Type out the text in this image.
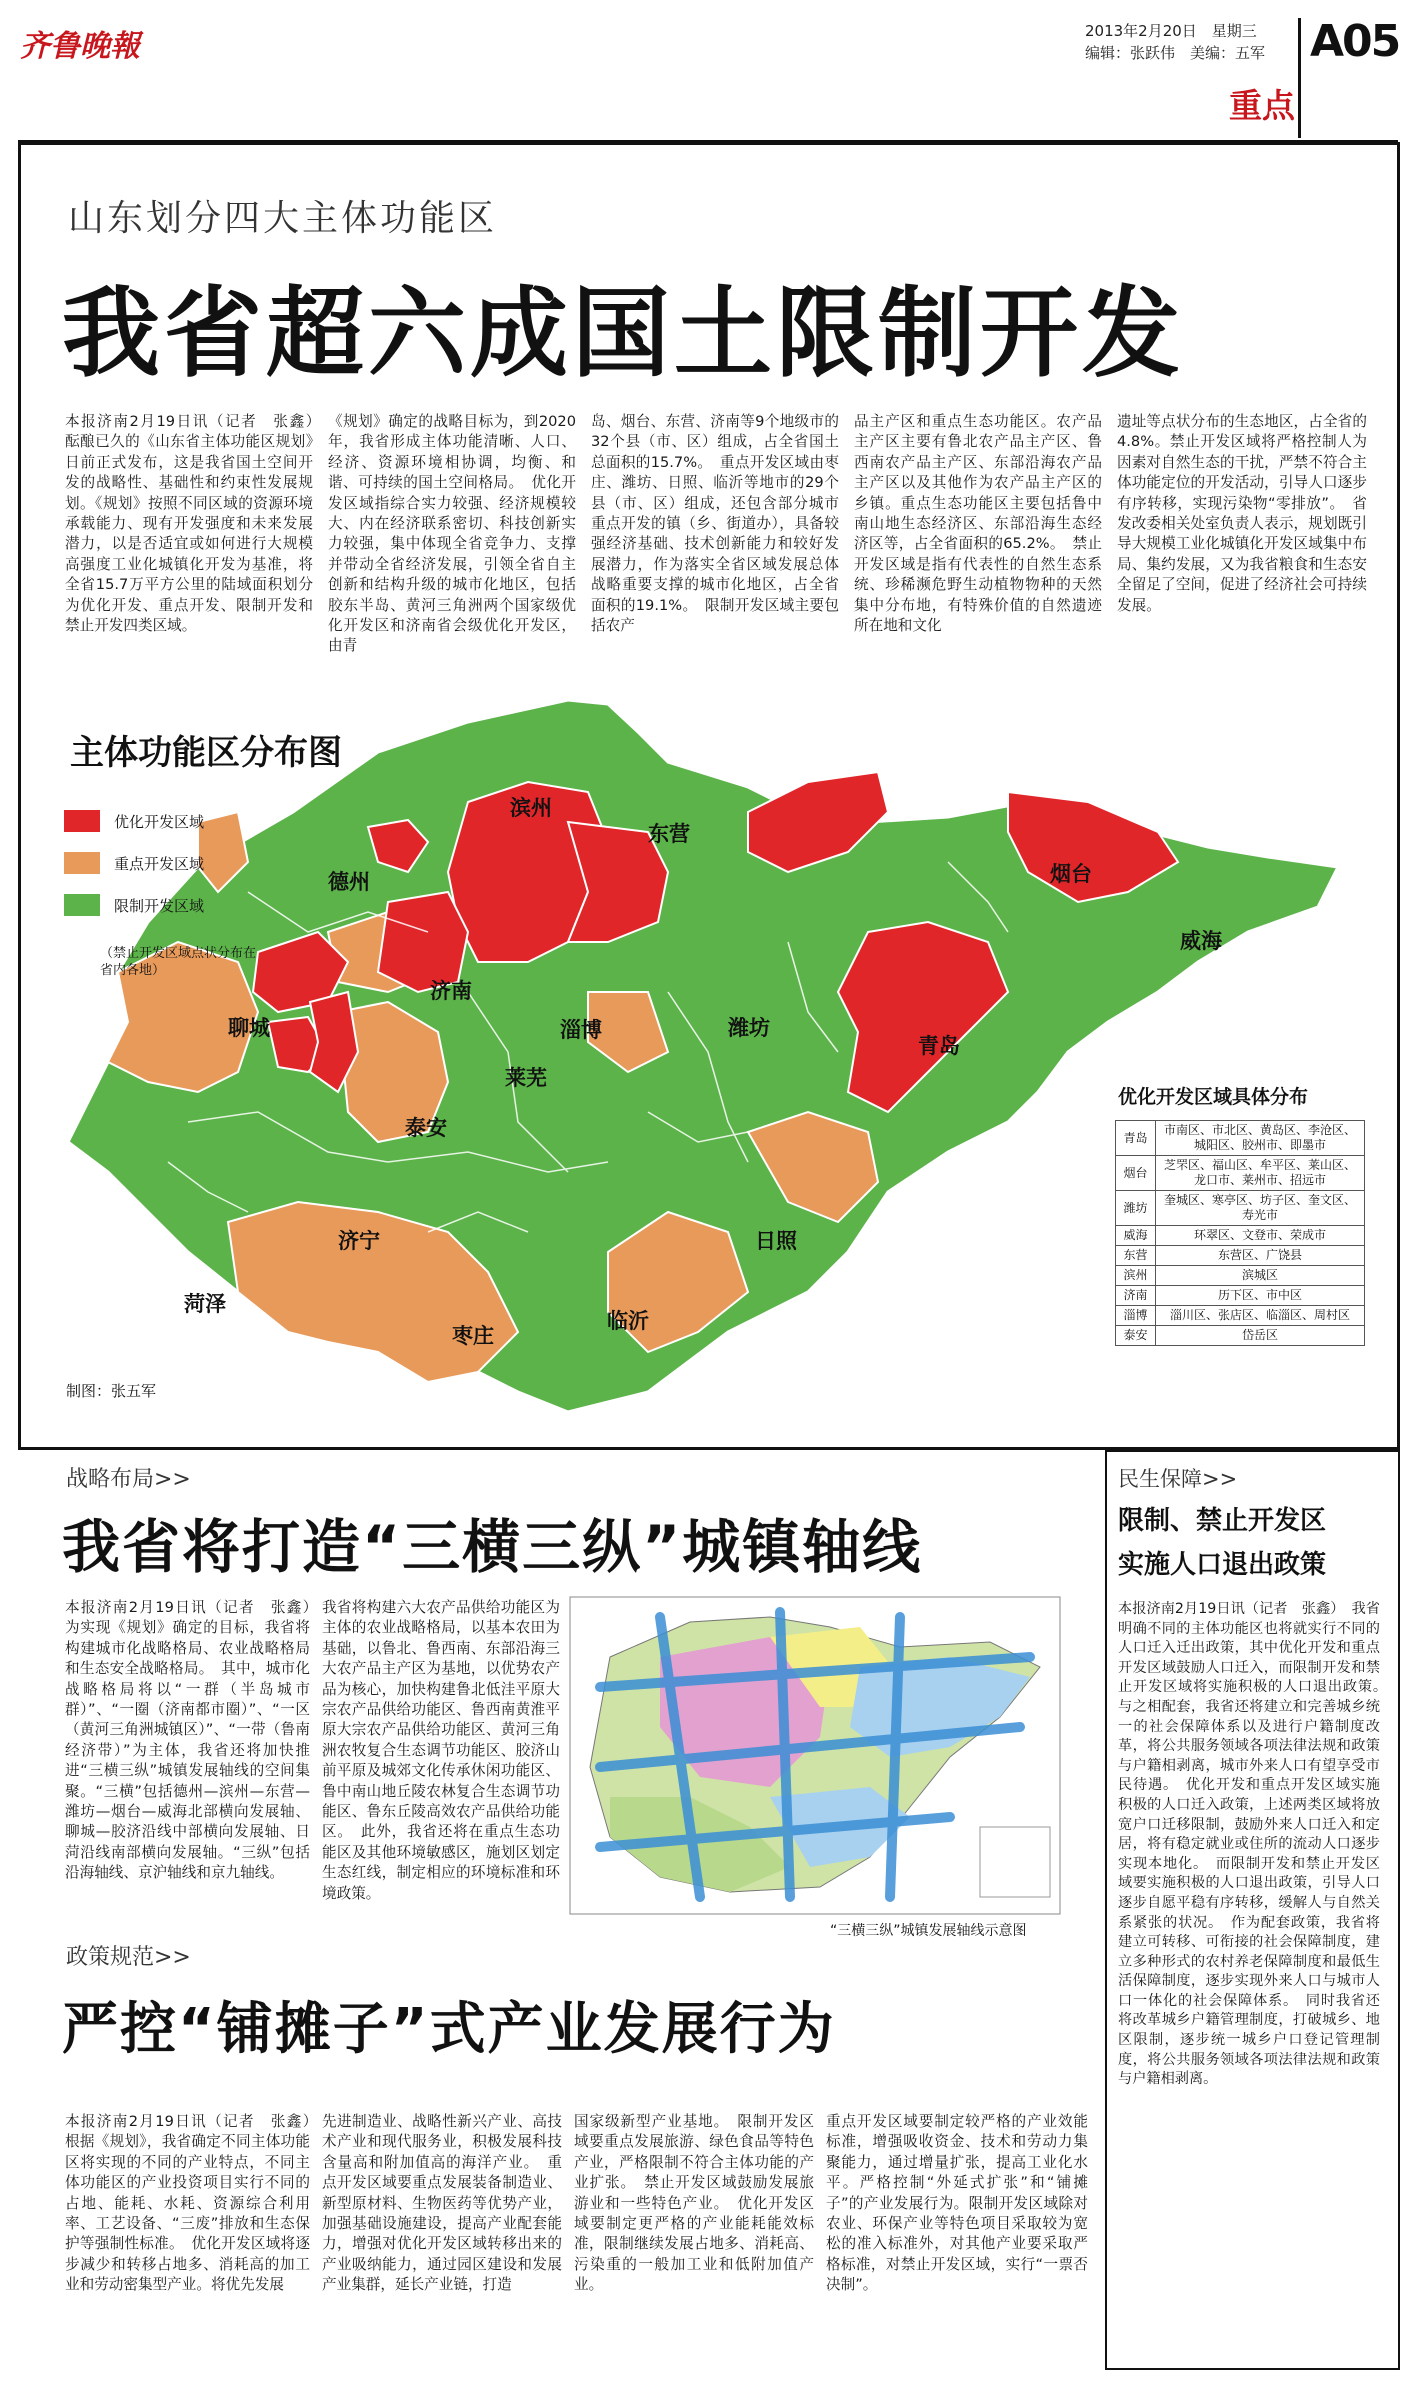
齐鲁晚報	2013年2月20日　星期三
编辑：张跃伟　美编：五军	A05
重点
山东划分四大主体功能区
我省超六成国土限制开发
本报济南2月19日讯（记者　张鑫）　酝酿已久的《山东省主体功能区规划》日前正式发布，这是我省国土空间开发的战略性、基础性和约束性发展规划。《规划》按照不同区域的资源环境承载能力、现有开发强度和未来发展潜力，以是否适宜或如何进行大规模高强度工业化城镇化开发为基准，将全省15.7万平方公里的陆域面积划分为优化开发、重点开发、限制开发和禁止开发四类区域。
《规划》确定的战略目标为，到2020年，我省形成主体功能清晰、人口、经济、资源环境相协调，均衡、和谐、可持续的国土空间格局。　优化开发区域指综合实力较强、经济规模较大、内在经济联系密切、科技创新实力较强，集中体现全省竞争力、支撑并带动全省经济发展，引领全省自主创新和结构升级的城市化地区，包括胶东半岛、黄河三角洲两个国家级优化开发区和济南省会级优化开发区，由青
岛、烟台、东营、济南等9个地级市的32个县（市、区）组成，占全省国土总面积的15.7%。　重点开发区域由枣庄、潍坊、日照、临沂等地市的29个县（市、区）组成，还包含部分城市重点开发的镇（乡、街道办），具备较强经济基础、技术创新能力和较好发展潜力，作为落实全省区域发展总体战略重要支撑的城市化地区，占全省面积的19.1%。　限制开发区域主要包括农产
品主产区和重点生态功能区。农产品主产区主要有鲁北农产品主产区、鲁西南农产品主产区、东部沿海农产品主产区以及其他作为农产品主产区的乡镇。重点生态功能区主要包括鲁中南山地生态经济区、东部沿海生态经济区等，占全省面积的65.2%。　禁止开发区域是指有代表性的自然生态系统、珍稀濒危野生动植物物种的天然集中分布地，有特殊价值的自然遗迹所在地和文化
遗址等点状分布的生态地区，占全省的4.8%。禁止开发区域将严格控制人为因素对自然生态的干扰，严禁不符合主体功能定位的开发活动，引导人口逐步有序转移，实现污染物“零排放”。　省发改委相关处室负责人表示，规划既引导大规模工业化城镇化开发区域集中布局、集约发展，又为我省粮食和生态安全留足了空间，促进了经济社会可持续发展。
主体功能区分布图
优化开发区域
重点开发区域
限制开发区域
（禁止开发区域点状分布在省内各地）
制图：张五军
滨州
东营
德州	烟台
威海
济南
聊城	淄博	潍坊
青岛
莱芜
泰安
济宁	日照
菏泽
枣庄
临沂
优化开发区域具体分布
青岛	市南区、市北区、黄岛区、李沧区、城阳区、胶州市、即墨市
烟台	芝罘区、福山区、牟平区、莱山区、龙口市、莱州市、招远市
潍坊	奎城区、寒亭区、坊子区、奎文区、寿光市
威海	环翠区、文登市、荣成市
东营	东营区、广饶县
滨州	滨城区
济南	历下区、市中区
淄博	淄川区、张店区、临淄区、周村区
泰安	岱岳区
战略布局>>
我省将打造“三横三纵”城镇轴线
本报济南2月19日讯（记者　张鑫）　为实现《规划》确定的目标，我省将构建城市化战略格局、农业战略格局和生态安全战略格局。　其中，城市化战略格局将以“一群（半岛城市群）”、“一圈（济南都市圈）”、“一区（黄河三角洲城镇区）”、“一带（鲁南经济带）”为主体，我省还将加快推进“三横三纵”城镇发展轴线的空间集聚。“三横”包括德州—滨州—东营—潍坊—烟台—威海北部横向发展轴、聊城—胶济沿线中部横向发展轴、日菏沿线南部横向发展轴。“三纵”包括沿海轴线、京沪轴线和京九轴线。
我省将构建六大农产品供给功能区为主体的农业战略格局，以基本农田为基础，以鲁北、鲁西南、东部沿海三大农产品主产区为基地，以优势农产品为核心，加快构建鲁北低洼平原大宗农产品供给功能区、鲁西南黄淮平原大宗农产品供给功能区、黄河三角洲农牧复合生态调节功能区、胶济山前平原及城郊文化传承休闲功能区、鲁中南山地丘陵农林复合生态调节功能区、鲁东丘陵高效农产品供给功能区。　此外，我省还将在重点生态功能区及其他环境敏感区，施划区划定生态红线，制定相应的环境标准和环境政策。
“三横三纵”城镇发展轴线示意图
民生保障>>
限制、禁止开发区
实施人口退出政策
本报济南2月19日讯（记者　张鑫）　我省明确不同的主体功能区也将就实行不同的人口迁入迁出政策，其中优化开发和重点开发区域鼓励人口迁入，而限制开发和禁止开发区域将实施积极的人口退出政策。　与之相配套，我省还将建立和完善城乡统一的社会保障体系以及进行户籍制度改革，将公共服务领域各项法律法规和政策与户籍相剥离，城市外来人口有望享受市民待遇。　优化开发和重点开发区域实施积极的人口迁入政策，上述两类区域将放宽户口迁移限制，鼓励外来人口迁入和定居，将有稳定就业或住所的流动人口逐步实现本地化。　而限制开发和禁止开发区域要实施积极的人口退出政策，引导人口逐步自愿平稳有序转移，缓解人与自然关系紧张的状况。　作为配套政策，我省将建立可转移、可衔接的社会保障制度，建立多种形式的农村养老保障制度和最低生活保障制度，逐步实现外来人口与城市人口一体化的社会保障体系。　同时我省还将改革城乡户籍管理制度，打破城乡、地区限制，逐步统一城乡户口登记管理制度，将公共服务领域各项法律法规和政策与户籍相剥离。
政策规范>>
严控“铺摊子”式产业发展行为
本报济南2月19日讯（记者　张鑫）　根据《规划》，我省确定不同主体功能区将实现的不同的产业特点，不同主体功能区的产业投资项目实行不同的占地、能耗、水耗、资源综合利用率、工艺设备、“三废”排放和生态保护等强制性标准。　优化开发区域将逐步减少和转移占地多、消耗高的加工业和劳动密集型产业。将优先发展
先进制造业、战略性新兴产业、高技术产业和现代服务业，积极发展科技含量高和附加值高的海洋产业。　重点开发区域要重点发展装备制造业、新型原材料、生物医药等优势产业，加强基础设施建设，提高产业配套能力，增强对优化开发区域转移出来的产业吸纳能力，通过园区建设和发展产业集群，延长产业链，打造
国家级新型产业基地。　限制开发区域要重点发展旅游、绿色食品等特色产业，严格限制不符合主体功能的产业扩张。　禁止开发区域鼓励发展旅游业和一些特色产业。　优化开发区域要制定更严格的产业能耗能效标准，限制继续发展占地多、消耗高、污染重的一般加工业和低附加值产业。
重点开发区域要制定较严格的产业效能标准，增强吸收资金、技术和劳动力集聚能力，通过增量扩张，提高工业化水平。严格控制“外延式扩张”和“铺摊子”的产业发展行为。限制开发区域除对农业、环保产业等特色项目采取较为宽松的准入标准外，对其他产业要采取严格标准，对禁止开发区域，实行“一票否决制”。
